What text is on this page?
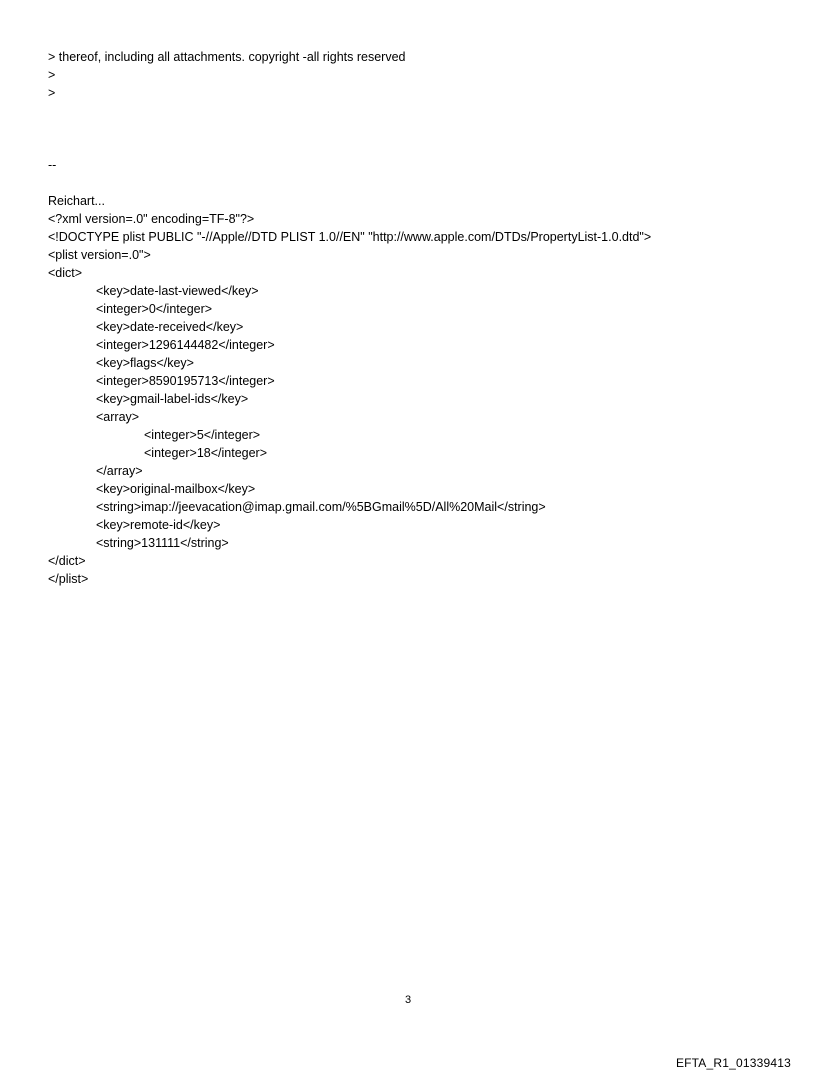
> thereof, including all attachments. copyright -all rights reserved
>
>
--
Reichart...
<?xml version=.0" encoding=TF-8"?>
<!DOCTYPE plist PUBLIC "-//Apple//DTD PLIST 1.0//EN" "http://www.apple.com/DTDs/PropertyList-1.0.dtd">
<plist version=.0">
<dict>
<key>date-last-viewed</key>
<integer>0</integer>
<key>date-received</key>
<integer>1296144482</integer>
<key>flags</key>
<integer>8590195713</integer>
<key>gmail-label-ids</key>
<array>
<integer>5</integer>
<integer>18</integer>
</array>
<key>original-mailbox</key>
<string>imap://jeevacation@imap.gmail.com/%5BGmail%5D/All%20Mail</string>
<key>remote-id</key>
<string>131111</string>
</dict>
</plist>
3
EFTA_R1_01339413
